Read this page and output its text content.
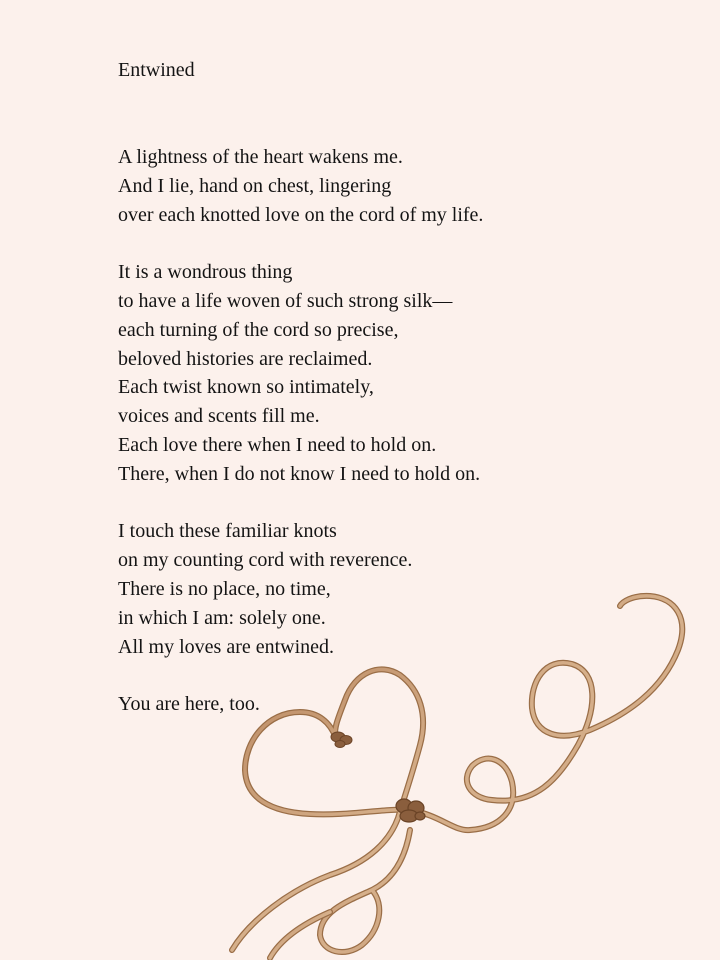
Entwined
A lightness of the heart wakens me.
And I lie, hand on chest, lingering
over each knotted love on the cord of my life.
It is a wondrous thing
to have a life woven of such strong silk—
each turning of the cord so precise,
beloved histories are reclaimed.
Each twist known so intimately,
voices and scents fill me.
Each love there when I need to hold on.
There, when I do not know I need to hold on.
I touch these familiar knots
on my counting cord with reverence.
There is no place, no time,
in which I am: solely one.
All my loves are entwined.
You are here, too.
